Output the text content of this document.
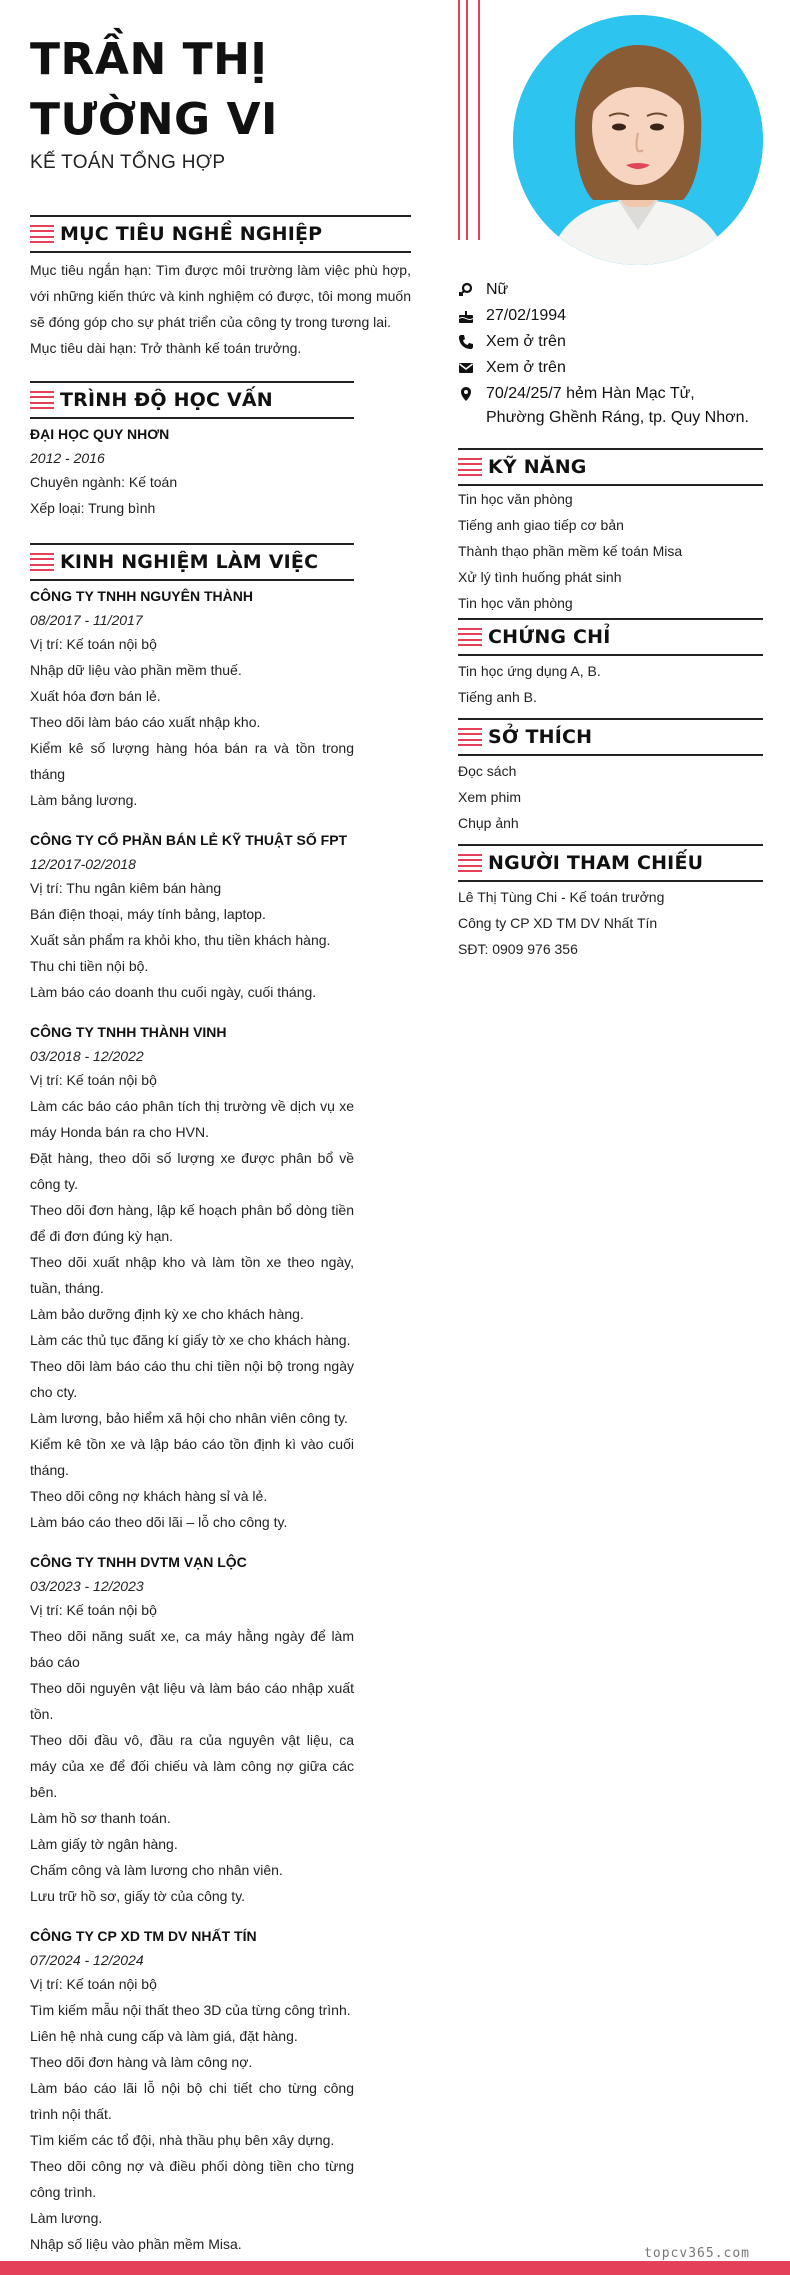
TRẦN THỊ
TƯỜNG VI
KẾ TOÁN TỔNG HỢP
MỤC TIÊU NGHỀ NGHIỆP
Mục tiêu ngắn hạn: Tìm được môi trường làm việc phù hợp, với những kiến thức và kinh nghiệm có được, tôi mong muốn sẽ đóng góp cho sự phát triển của công ty trong tương lai.
Mục tiêu dài hạn: Trở thành kế toán trưởng.
TRÌNH ĐỘ HỌC VẤN
ĐẠI HỌC QUY NHƠN
2012 - 2016
Chuyên ngành: Kế toán
Xếp loại: Trung bình
KINH NGHIỆM LÀM VIỆC
CÔNG TY TNHH NGUYÊN THÀNH
08/2017 - 11/2017
Vị trí: Kế toán nội bộ
Nhập dữ liệu vào phần mềm thuế.
Xuất hóa đơn bán lẻ.
Theo dõi làm báo cáo xuất nhập kho.
Kiểm kê số lượng hàng hóa bán ra và tồn trong tháng
Làm bảng lương.
CÔNG TY CỔ PHẦN BÁN LẺ KỸ THUẬT SỐ FPT
12/2017-02/2018
Vị trí: Thu ngân kiêm bán hàng
Bán điện thoại, máy tính bảng, laptop.
Xuất sản phẩm ra khỏi kho, thu tiền khách hàng.
Thu chi tiền nội bộ.
Làm báo cáo doanh thu cuối ngày, cuối tháng.
CÔNG TY TNHH THÀNH VINH
03/2018 - 12/2022
Vị trí: Kế toán nội bộ
Làm các báo cáo phân tích thị trường về dịch vụ xe máy Honda bán ra cho HVN.
Đặt hàng, theo dõi số lượng xe được phân bổ về công ty.
Theo dõi đơn hàng, lập kế hoạch phân bổ dòng tiền để đi đơn đúng kỳ hạn.
Theo dõi xuất nhập kho và làm tồn xe theo ngày, tuần, tháng.
Làm bảo dưỡng định kỳ xe cho khách hàng.
Làm các thủ tục đăng kí giấy tờ xe cho khách hàng.
Theo dõi làm báo cáo thu chi tiền nội bộ trong ngày cho cty.
Làm lương, bảo hiểm xã hội cho nhân viên công ty.
Kiểm kê tồn xe và lập báo cáo tồn định kì vào cuối tháng.
Theo dõi công nợ khách hàng sỉ và lẻ.
Làm báo cáo theo dõi lãi – lỗ cho công ty.
CÔNG TY TNHH DVTM VẠN LỘC
03/2023 - 12/2023
Vị trí: Kế toán nội bộ
Theo dõi năng suất xe, ca máy hằng ngày để làm báo cáo
Theo dõi nguyên vật liệu và làm báo cáo nhập xuất tồn.
Theo dõi đầu vô, đầu ra của nguyên vật liệu, ca máy của xe để đối chiếu và làm công nợ giữa các bên.
Làm hồ sơ thanh toán.
Làm giấy tờ ngân hàng.
Chấm công và làm lương cho nhân viên.
Lưu trữ hồ sơ, giấy tờ của công ty.
CÔNG TY CP XD TM DV NHẤT TÍN
07/2024 - 12/2024
Vị trí: Kế toán nội bộ
Tìm kiếm mẫu nội thất theo 3D của từng công trình.
Liên hệ nhà cung cấp và làm giá, đặt hàng.
Theo dõi đơn hàng và làm công nợ.
Làm báo cáo lãi lỗ nội bộ chi tiết cho từng công trình nội thất.
Tìm kiếm các tổ đội, nhà thầu phụ bên xây dựng.
Theo dõi công nợ và điều phối dòng tiền cho từng công trình.
Làm lương.
Nhập số liệu vào phần mềm Misa.
Nữ
27/02/1994
Xem ở trên
Xem ở trên
70/24/25/7 hẻm Hàn Mạc Tử, Phường Ghềnh Ráng, tp. Quy Nhơn.
KỸ NĂNG
Tin học văn phòng
Tiếng anh giao tiếp cơ bản
Thành thạo phần mềm kế toán Misa
Xử lý tình huống phát sinh
Tin học văn phòng
CHỨNG CHỈ
Tin học ứng dụng A, B.
Tiếng anh B.
SỞ THÍCH
Đọc sách
Xem phim
Chụp ảnh
NGƯỜI THAM CHIẾU
Lê Thị Tùng Chi - Kế toán trưởng
Công ty CP XD TM DV Nhất Tín
SĐT: 0909 976 356
topcv365.com
